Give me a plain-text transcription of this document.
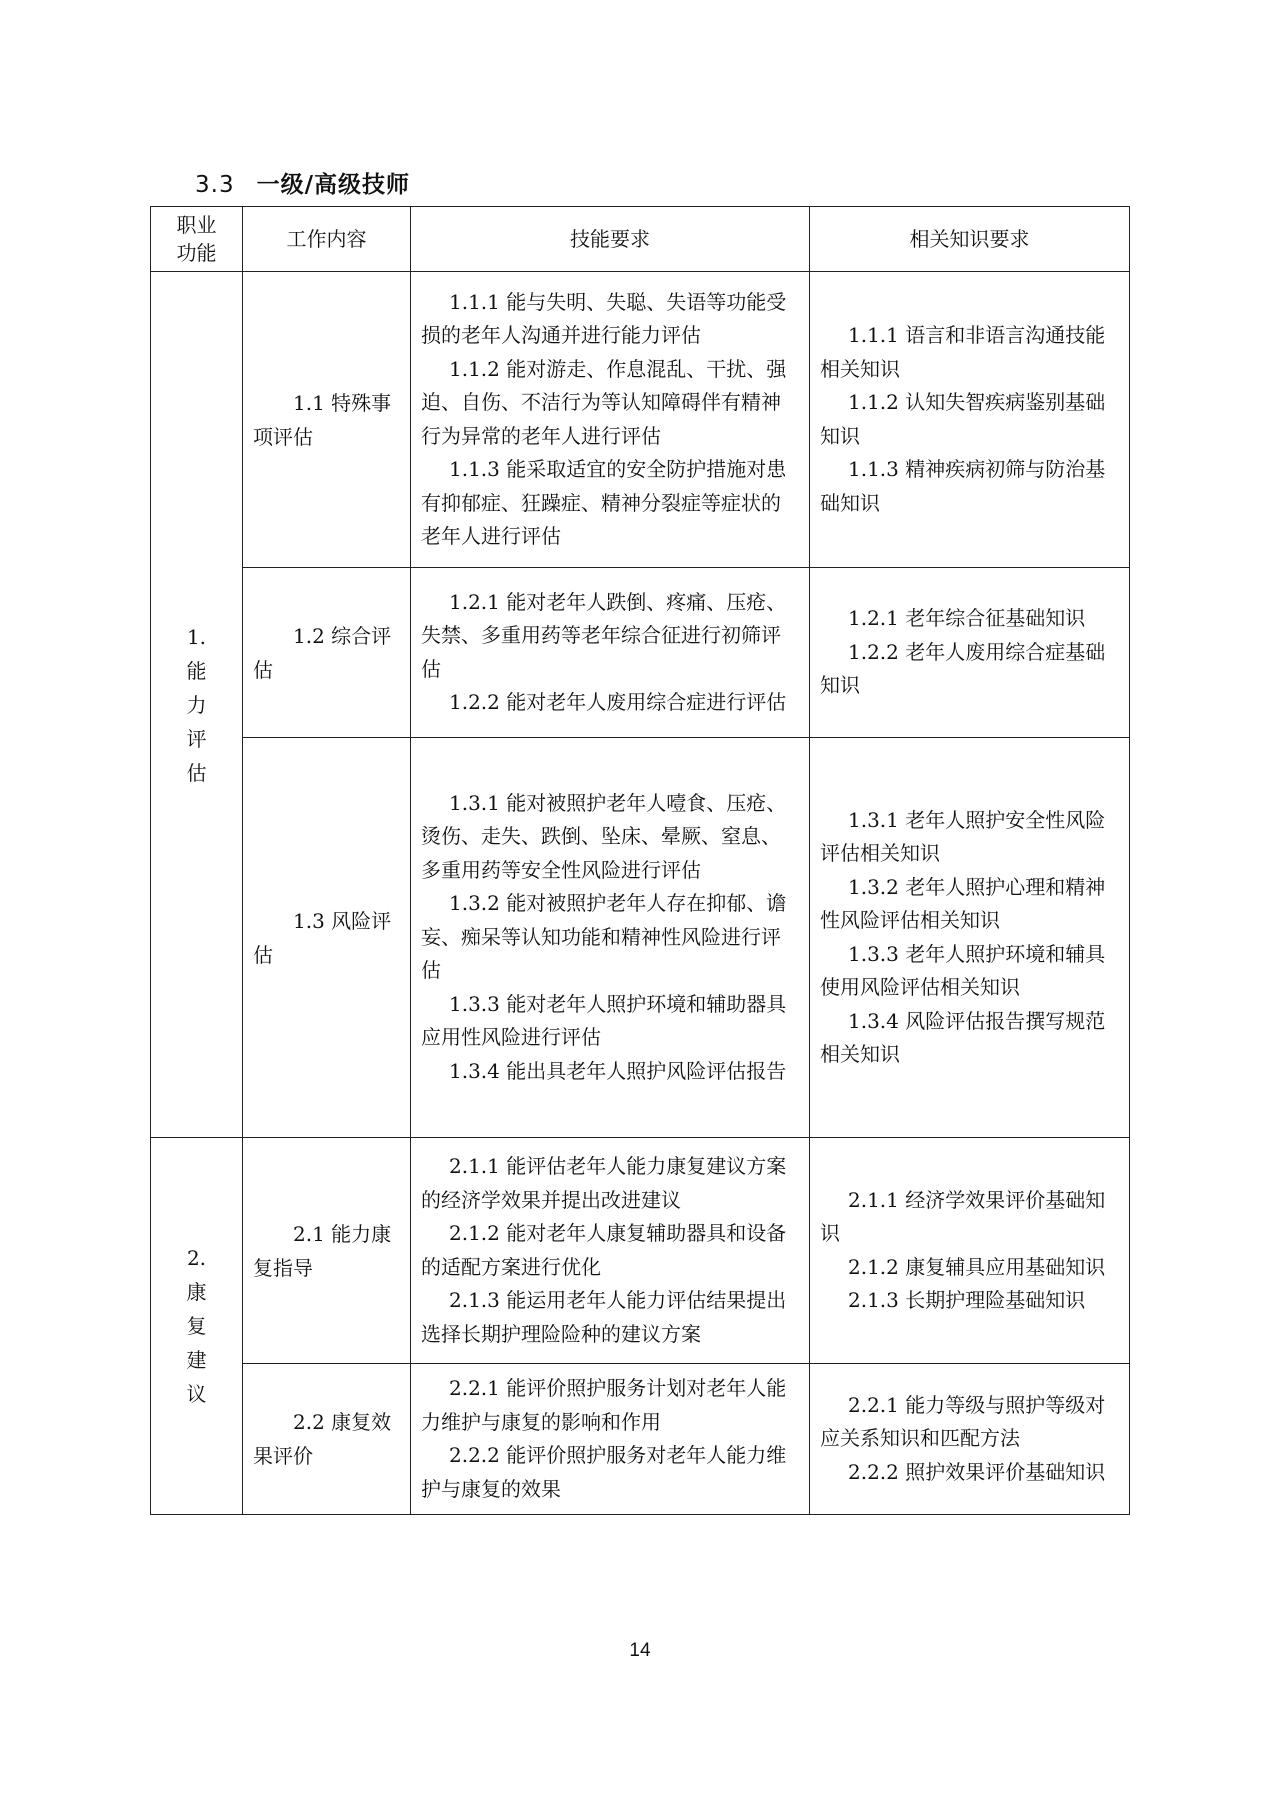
3.3 一级/高级技师
职业功能	工作内容	技能要求	相关知识要求

1.
能
力
评
估	1.1 特殊事项评估	1.1.1 能与失明、失聪、失语等功能受损的老年人沟通并进行能力评估
1.1.2 能对游走、作息混乱、干扰、强迫、自伤、不洁行为等认知障碍伴有精神行为异常的老年人进行评估
1.1.3 能采取适宜的安全防护措施对患有抑郁症、狂躁症、精神分裂症等症状的老年人进行评估	1.1.1 语言和非语言沟通技能相关知识
1.1.2 认知失智疾病鉴别基础知识
1.1.3 精神疾病初筛与防治基础知识

	1.2 综合评估	1.2.1 能对老年人跌倒、疼痛、压疮、失禁、多重用药等老年综合征进行初筛评估
1.2.2 能对老年人废用综合症进行评估	1.2.1 老年综合征基础知识
1.2.2 老年人废用综合症基础知识

	1.3 风险评估	1.3.1 能对被照护老年人噎食、压疮、烫伤、走失、跌倒、坠床、晕厥、窒息、多重用药等安全性风险进行评估
1.3.2 能对被照护老年人存在抑郁、谵妄、痴呆等认知功能和精神性风险进行评估
1.3.3 能对老年人照护环境和辅助器具应用性风险进行评估
1.3.4 能出具老年人照护风险评估报告	1.3.1 老年人照护安全性风险评估相关知识
1.3.2 老年人照护心理和精神性风险评估相关知识
1.3.3 老年人照护环境和辅具使用风险评估相关知识
1.3.4 风险评估报告撰写规范相关知识

2.
康
复
建
议	2.1 能力康复指导	2.1.1 能评估老年人能力康复建议方案的经济学效果并提出改进建议
2.1.2 能对老年人康复辅助器具和设备的适配方案进行优化
2.1.3 能运用老年人能力评估结果提出选择长期护理险险种的建议方案	2.1.1 经济学效果评价基础知识
2.1.2 康复辅具应用基础知识
2.1.3 长期护理险基础知识

	2.2 康复效果评价	2.2.1 能评价照护服务计划对老年人能力维护与康复的影响和作用
2.2.2 能评价照护服务对老年人能力维护与康复的效果	2.2.1 能力等级与照护等级对应关系知识和匹配方法
2.2.2 照护效果评价基础知识
14
